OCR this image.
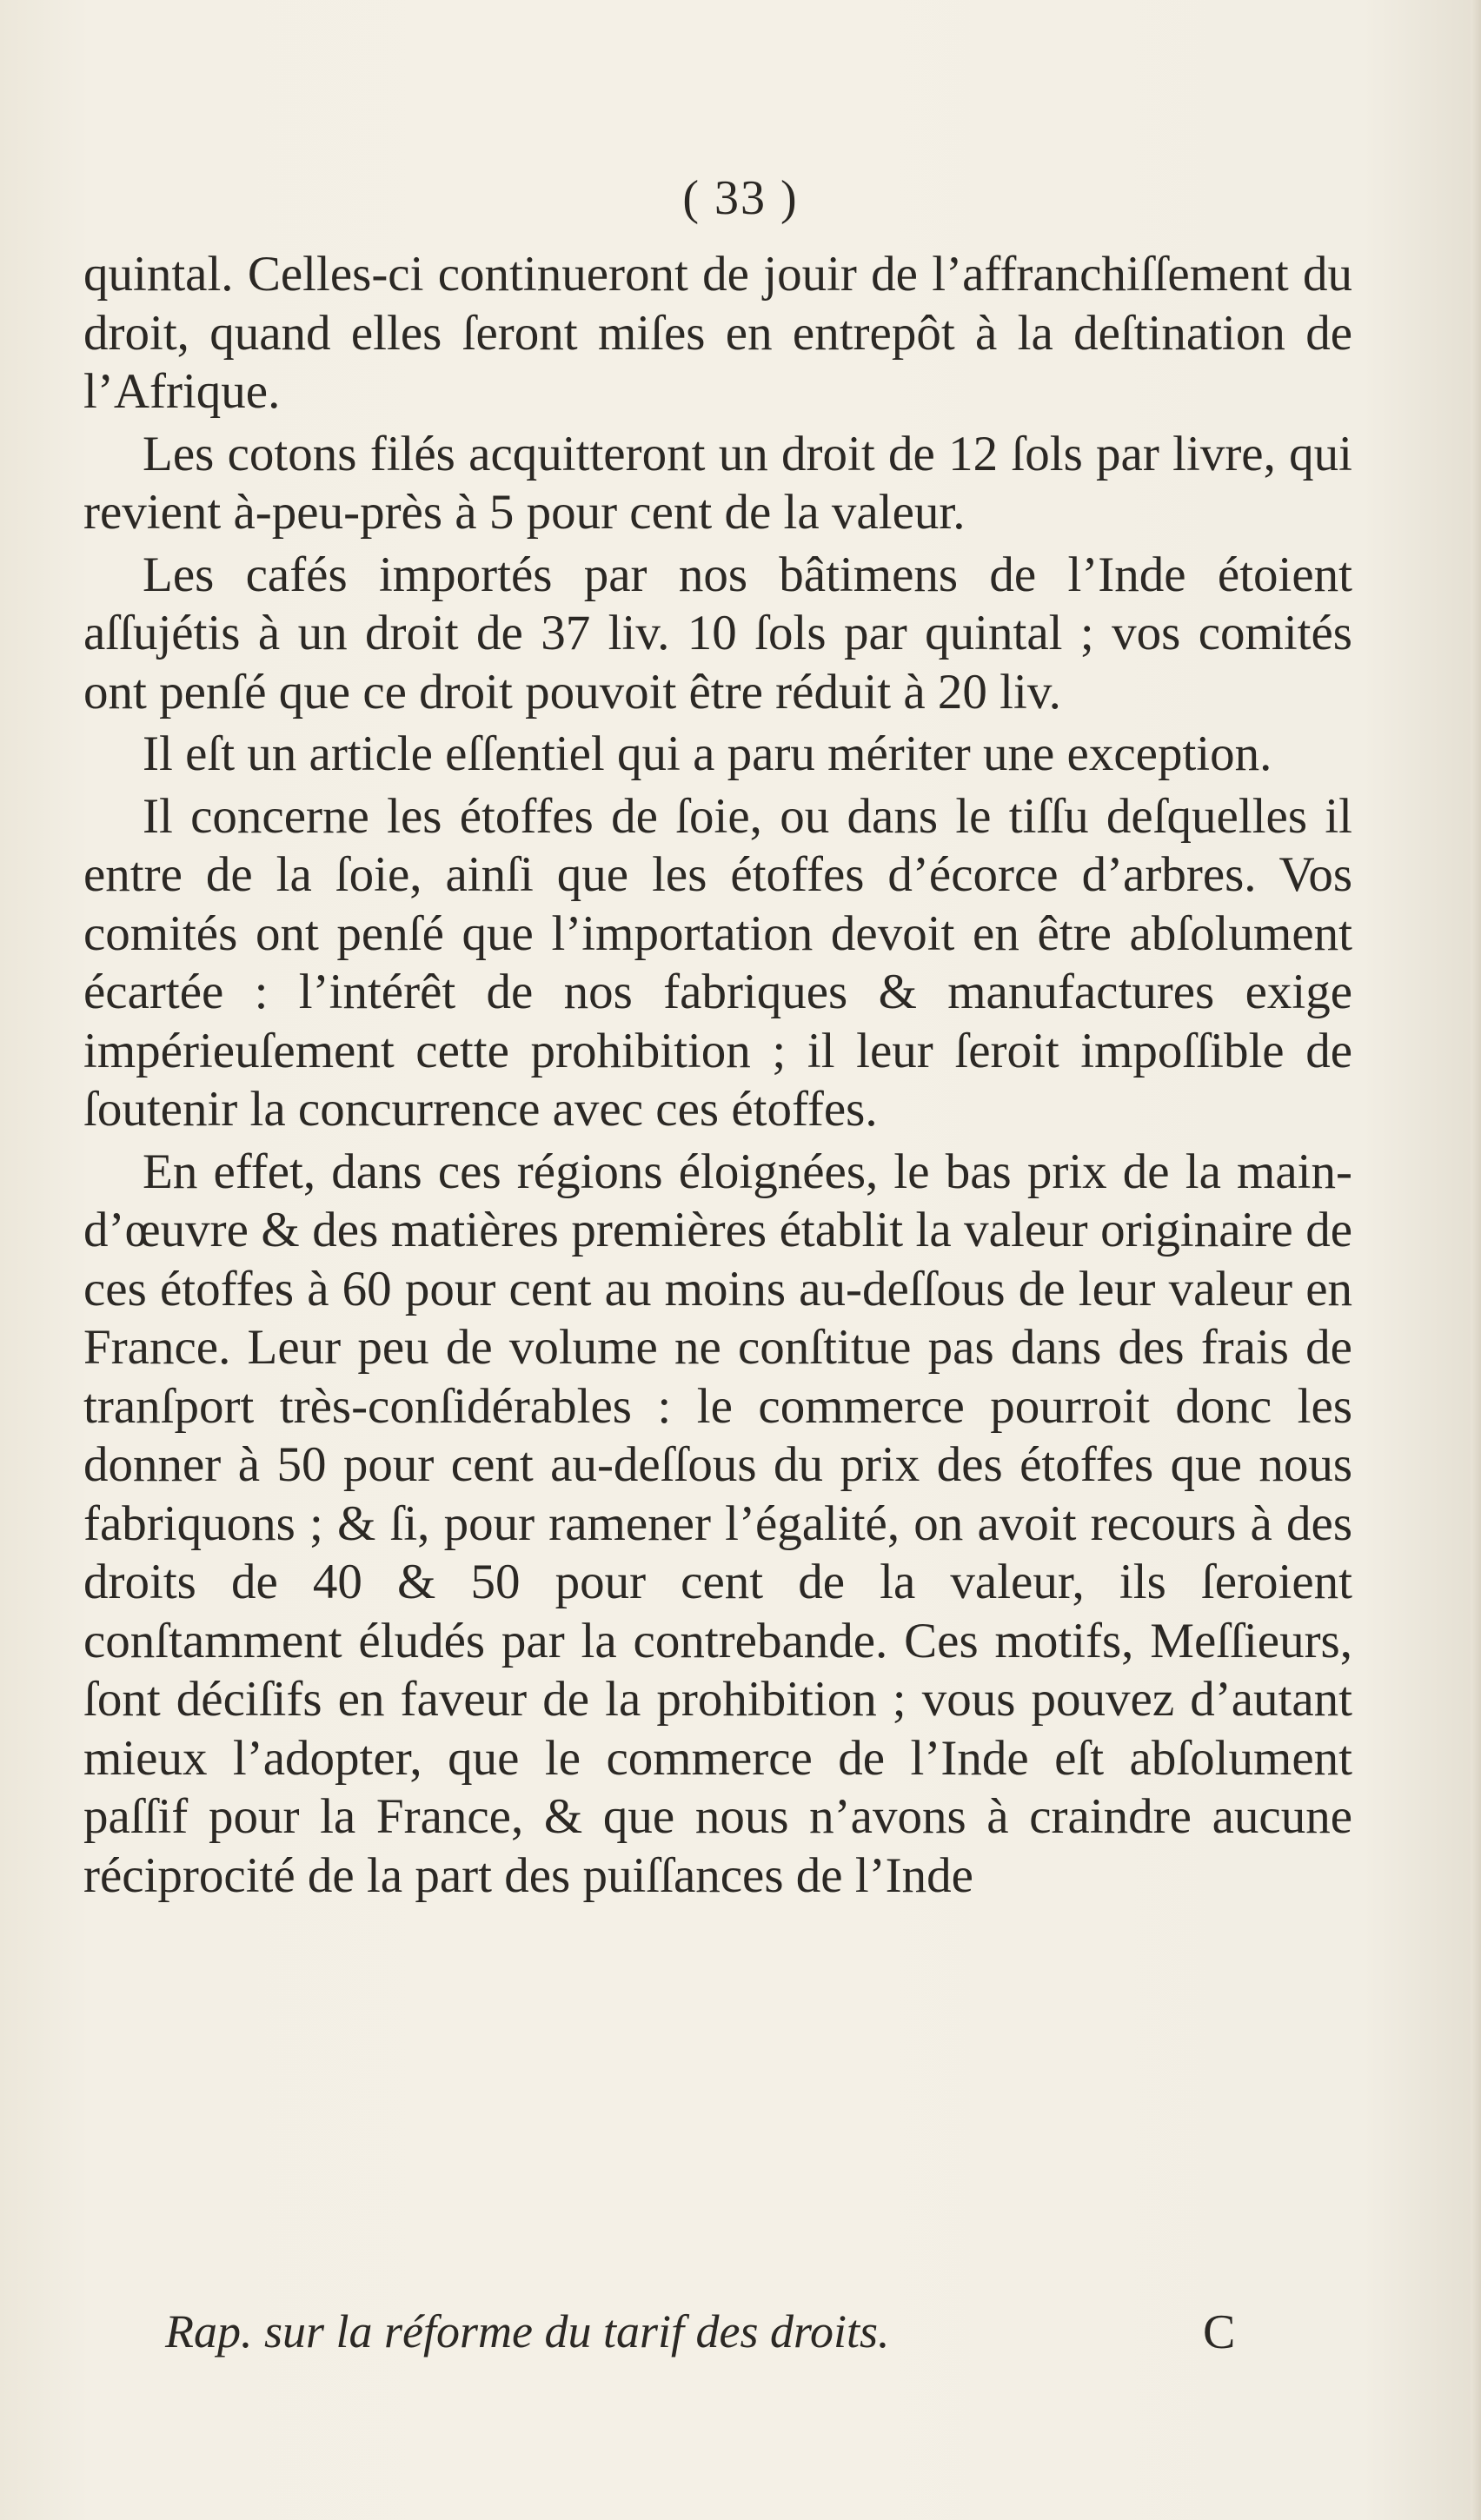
( 33 )

quintal. Celles-ci continueront de jouir de l’affranchiſſement du droit, quand elles ſeront miſes en entrepôt à la deſtination de l’Afrique.

Les cotons filés acquitteront un droit de 12 ſols par livre, qui revient à-peu-près à 5 pour cent de la valeur.

Les cafés importés par nos bâtimens de l’Inde étoient aſſujétis à un droit de 37 liv. 10 ſols par quintal ; vos comités ont penſé que ce droit pouvoit être réduit à 20 liv.

Il eſt un article eſſentiel qui a paru mériter une exception.

Il concerne les étoffes de ſoie, ou dans le tiſſu deſquelles il entre de la ſoie, ainſi que les étoffes d’écorce d’arbres. Vos comités ont penſé que l’importation devoit en être abſolument écartée : l’intérêt de nos fabriques & manufactures exige impérieuſement cette prohibition ; il leur ſeroit impoſſible de ſoutenir la concurrence avec ces étoffes.

En effet, dans ces régions éloignées, le bas prix de la main-d’œuvre & des matières premières établit la valeur originaire de ces étoffes à 60 pour cent au moins au-deſſous de leur valeur en France. Leur peu de volume ne conſtitue pas dans des frais de tranſport très-conſidérables : le commerce pourroit donc les donner à 50 pour cent au-deſſous du prix des étoffes que nous fabriquons ; & ſi, pour ramener l’égalité, on avoit recours à des droits de 40 & 50 pour cent de la valeur, ils ſeroient conſtamment éludés par la contrebande. Ces motifs, Meſſieurs, ſont déciſifs en faveur de la prohibition ; vous pouvez d’autant mieux l’adopter, que le commerce de l’Inde eſt abſolument paſſif pour la France, & que nous n’avons à craindre aucune réciprocité de la part des puiſſances de l’Inde

Rap. sur la réforme du tarif des droits.	C
